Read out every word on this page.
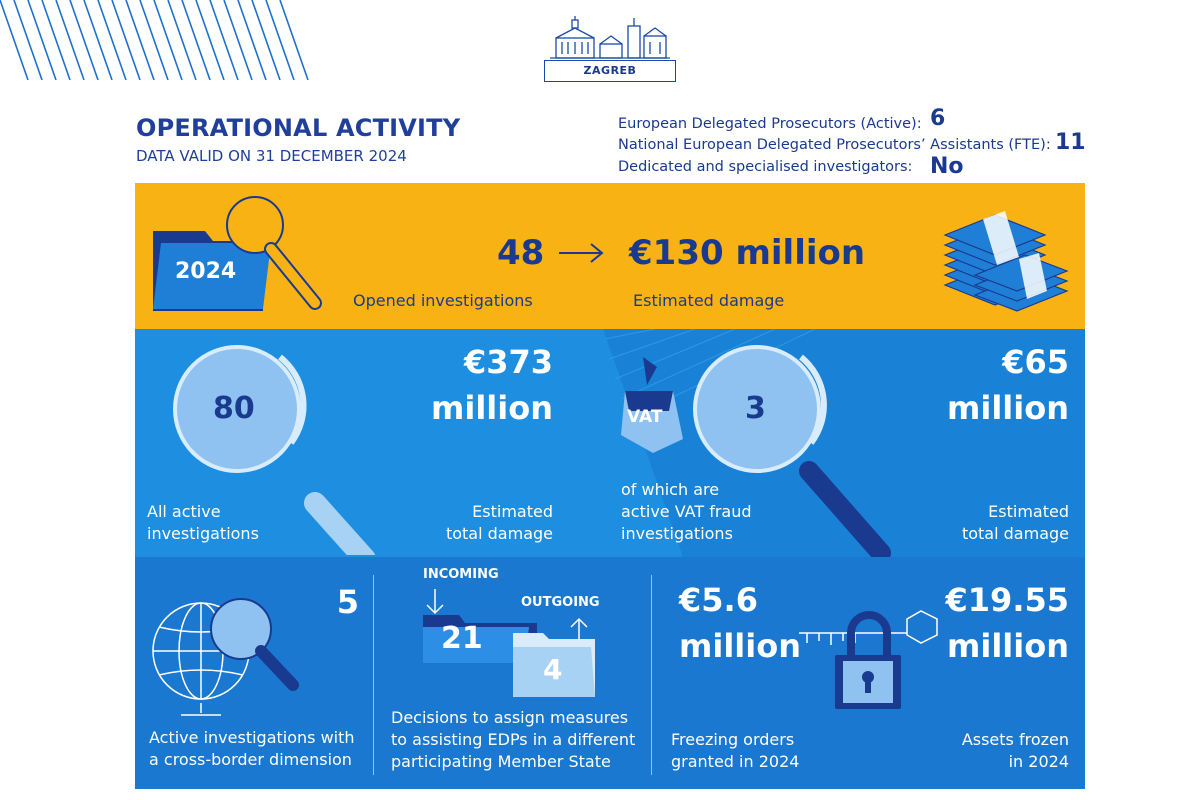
ZAGREB
OPERATIONAL ACTIVITY
DATA VALID ON 31 DECEMBER 2024
European Delegated Prosecutors (Active): 6
National European Delegated Prosecutors’ Assistants (FTE): 11
Dedicated and specialised investigators: No
2024	48 €130 million
Opened investigations	Estimated damage
80
All active
investigations
€373
million
Estimated
total damage
VAT	3
of which are
active VAT fraud
investigations
€65
million
Estimated
total damage
5
Active investigations with
a cross-border dimension
INCOMING
OUTGOING
21
4
Decisions to assign measures
to assisting EDPs in a different
participating Member State
€5.6
million
Freezing orders
granted in 2024
€19.55
million
Assets frozen
in 2024
